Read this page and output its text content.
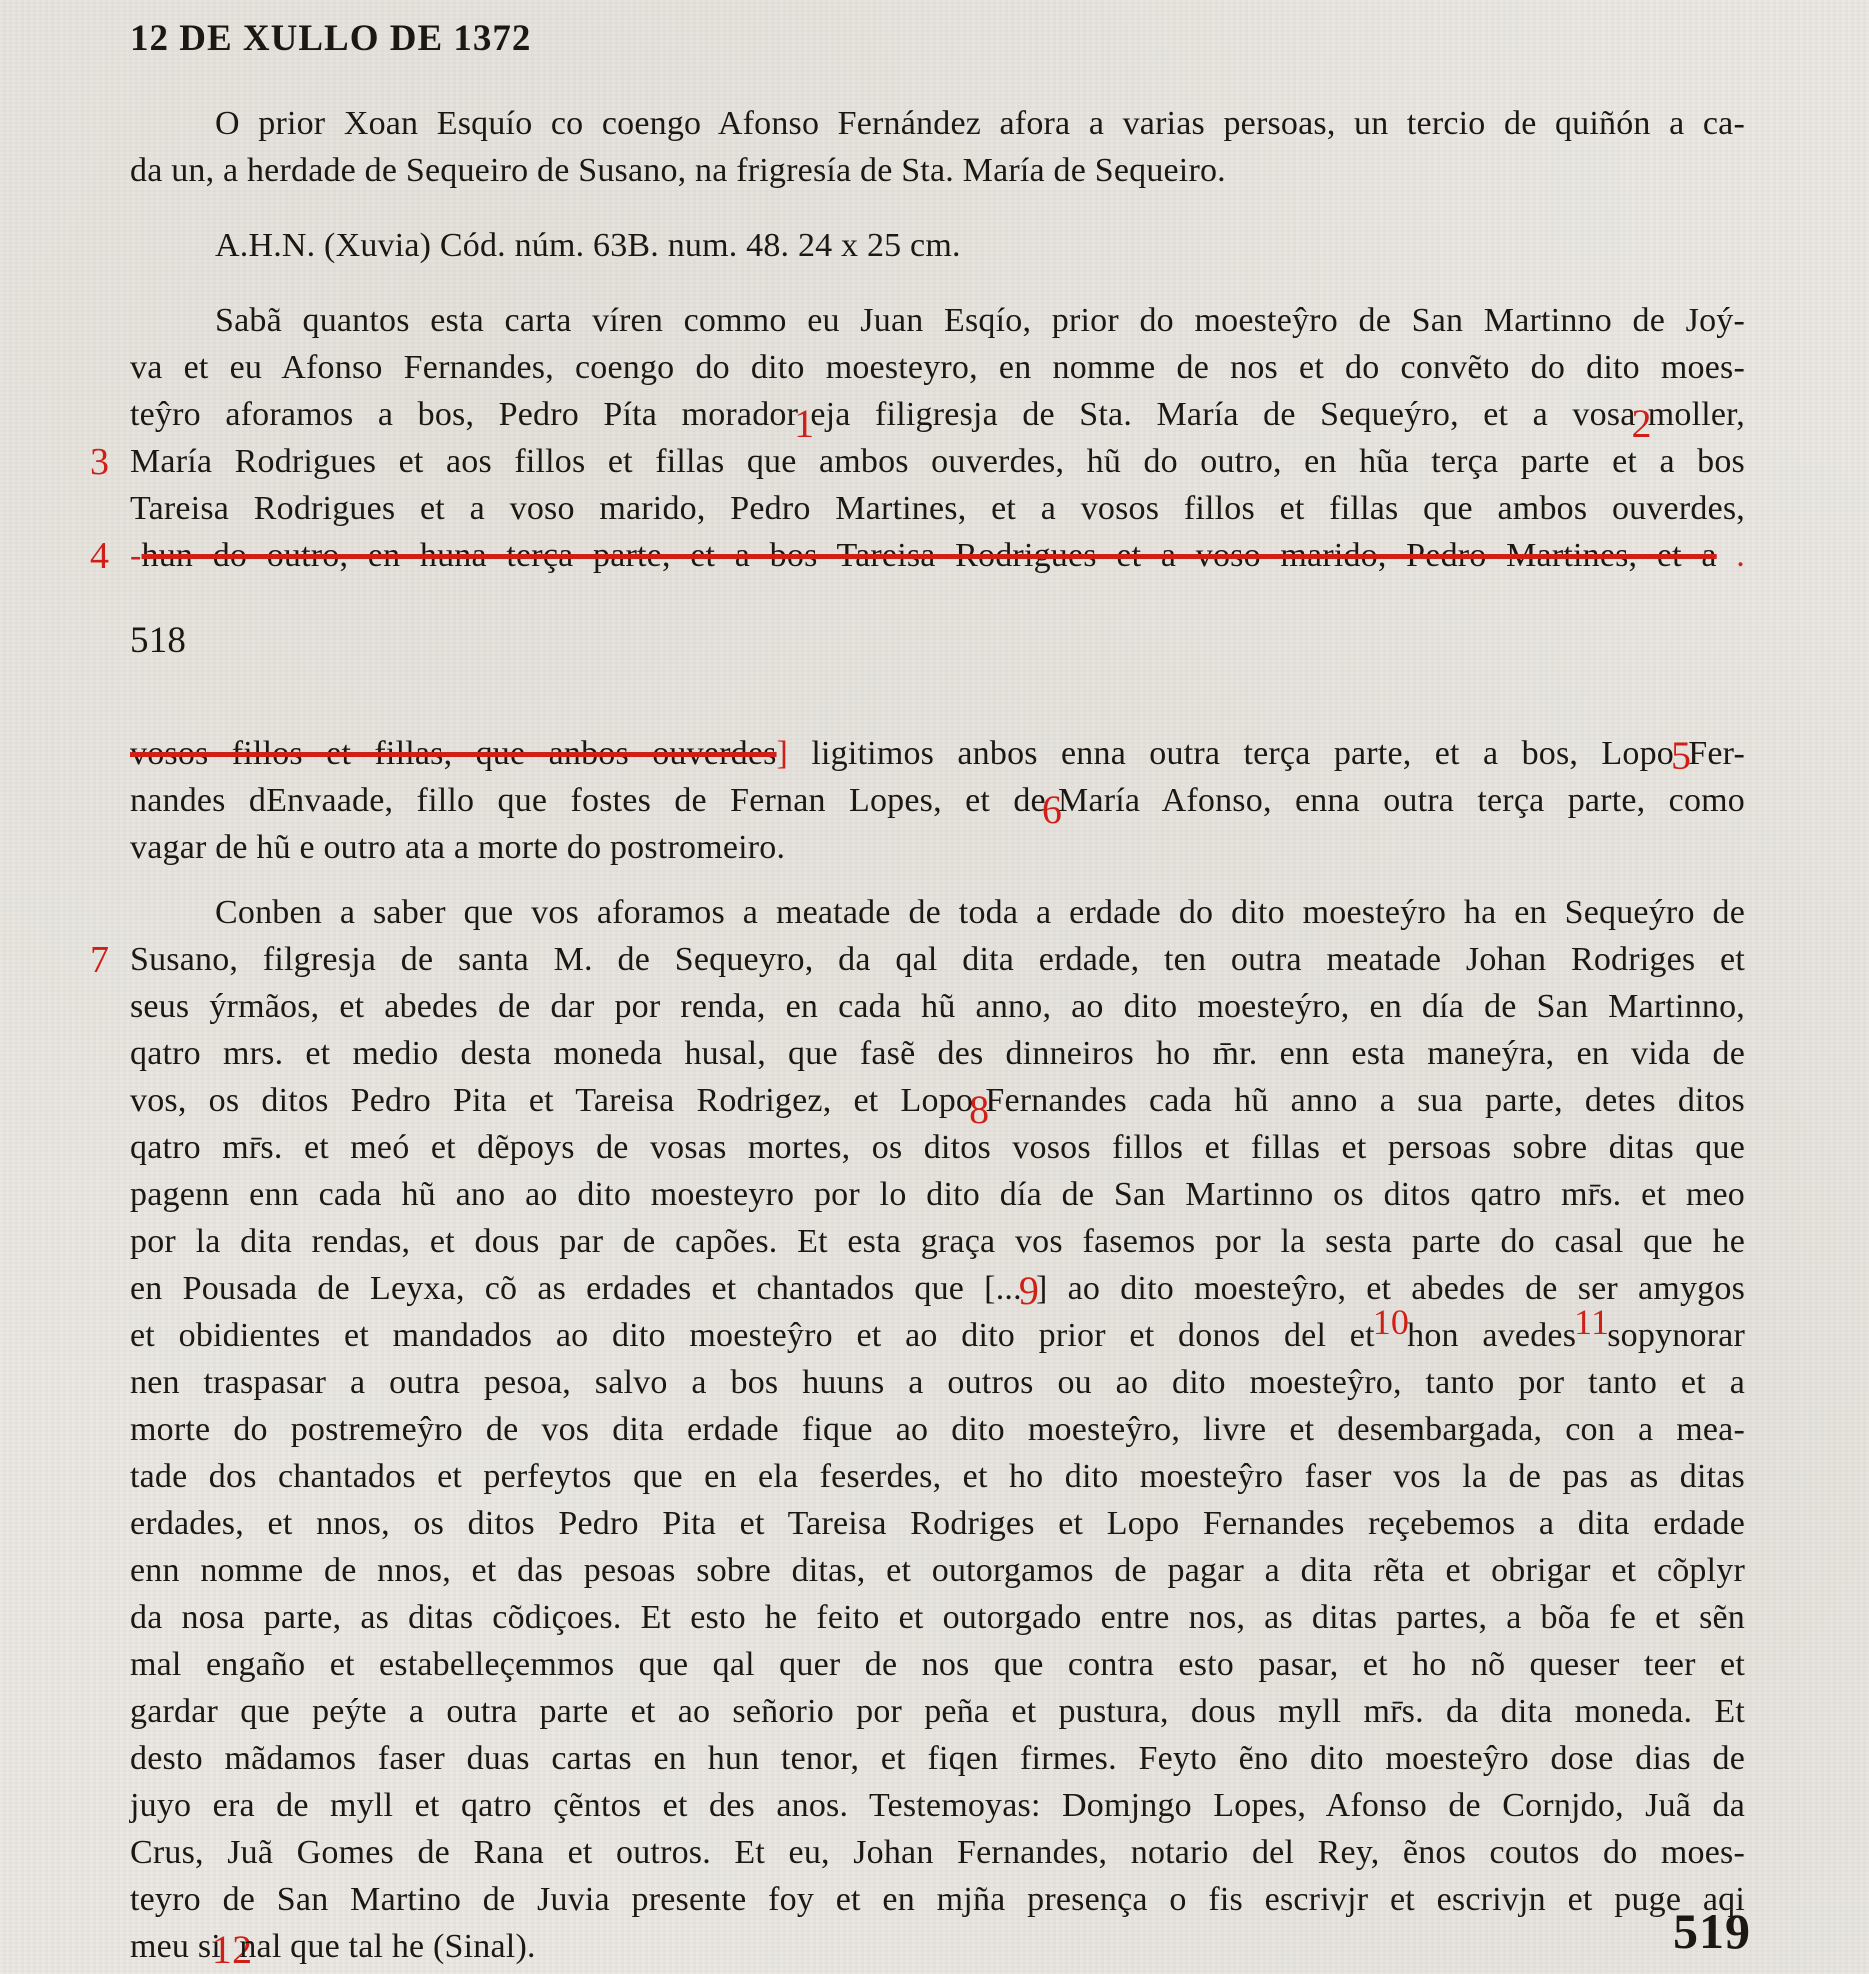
12 DE XULLO DE 1372
O prior Xoan Esquío co coengo Afonso Fernández afora a varias persoas, un tercio de quiñón a ca-
da un, a herdade de Sequeiro de Susano, na frigresía de Sta. María de Sequeiro.
A.H.N. (Xuvia) Cód. núm. 63B. num. 48. 24 x 25 cm.
Sabã quantos esta carta víren commo eu Juan Esqío, prior do moesteŷro de San Martinno de Joý-
va et eu Afonso Fernandes, coengo do dito moesteyro, en nomme de nos et do convẽto do dito moes-
teŷro aforamos a bos, Pedro Píta morador1eja filigresja de Sta. María de Sequeýro, et a vosa2moller,
3 María Rodrigues et aos fillos et fillas que ambos ouverdes, hũ do outro, en hũa terça parte et a bos
Tareisa Rodrigues et a voso marido, Pedro Martines, et a vosos fillos et fillas que ambos ouverdes,
4 -hun do outro, en huna terça parte, et a bos Tareisa Rodrigues et a voso marido, Pedro Martines, et a .
518
vosos fillos et fillas, que anbos ouverdes] ligitimos anbos enna outra terça parte, et a bos, Lopo5Fer-
nandes dEnvaade, fillo que fostes de Fernan Lopes, et de6María Afonso, enna outra terça parte, como
vagar de hũ e outro ata a morte do postromeiro.
Conben a saber que vos aforamos a meatade de toda a erdade do dito moesteýro ha en Sequeýro de
7 Susano, filgresja de santa M. de Sequeyro, da qal dita erdade, ten outra meatade Johan Rodriges et
seus ýrmãos, et abedes de dar por renda, en cada hũ anno, ao dito moesteýro, en día de San Martinno,
qatro mrs. et medio desta moneda husal, que fasẽ des dinneiros ho m̄r. enn esta maneýra, en vida de
vos, os ditos Pedro Pita et Tareisa Rodrigez, et Lopo8Fernandes cada hũ anno a sua parte, detes ditos
qatro mr̄s. et meó et dẽpoys de vosas mortes, os ditos vosos fillos et fillas et persoas sobre ditas que
pagenn enn cada hũ ano ao dito moesteyro por lo dito día de San Martinno os ditos qatro mr̄s. et meo
por la dita rendas, et dous par de capões. Et esta graça vos fasemos por la sesta parte do casal que he
en Pousada de Leyxa, cõ as erdades et chantados que [...9] ao dito moesteŷro, et abedes de ser amygos
et obidientes et mandados ao dito moesteŷro et ao dito prior et donos del et10hon avedes11sopynorar
nen traspasar a outra pesoa, salvo a bos huuns a outros ou ao dito moesteŷro, tanto por tanto et a
morte do postremeŷro de vos dita erdade fique ao dito moesteŷro, livre et desembargada, con a mea-
tade dos chantados et perfeytos que en ela feserdes, et ho dito moesteŷro faser vos la de pas as ditas
erdades, et nnos, os ditos Pedro Pita et Tareisa Rodriges et Lopo Fernandes reçebemos a dita erdade
enn nomme de nnos, et das pesoas sobre ditas, et outorgamos de pagar a dita rẽta et obrigar et cõplyr
da nosa parte, as ditas cõdiçoes. Et esto he feito et outorgado entre nos, as ditas partes, a bõa fe et sẽn
mal engaño et estabelleçemmos que qal quer de nos que contra esto pasar, et ho nõ queser teer et
gardar que peýte a outra parte et ao señorio por peña et pustura, dous myll mr̄s. da dita moneda. Et
desto mãdamos faser duas cartas en hun tenor, et fiqen firmes. Feyto ẽno dito moesteŷro dose dias de
juyo era de myll et qatro çẽntos et des anos. Testemoyas: Domjngo Lopes, Afonso de Cornjdo, Juã da
Crus, Juã Gomes de Rana et outros. Et eu, Johan Fernandes, notario del Rey, ẽnos coutos do moes-
teyro de San Martino de Juvia presente foy et en mjña presença o fis escrivjr et escrivjn et puge aqi
meu si12nal que tal he (Sinal).	519
